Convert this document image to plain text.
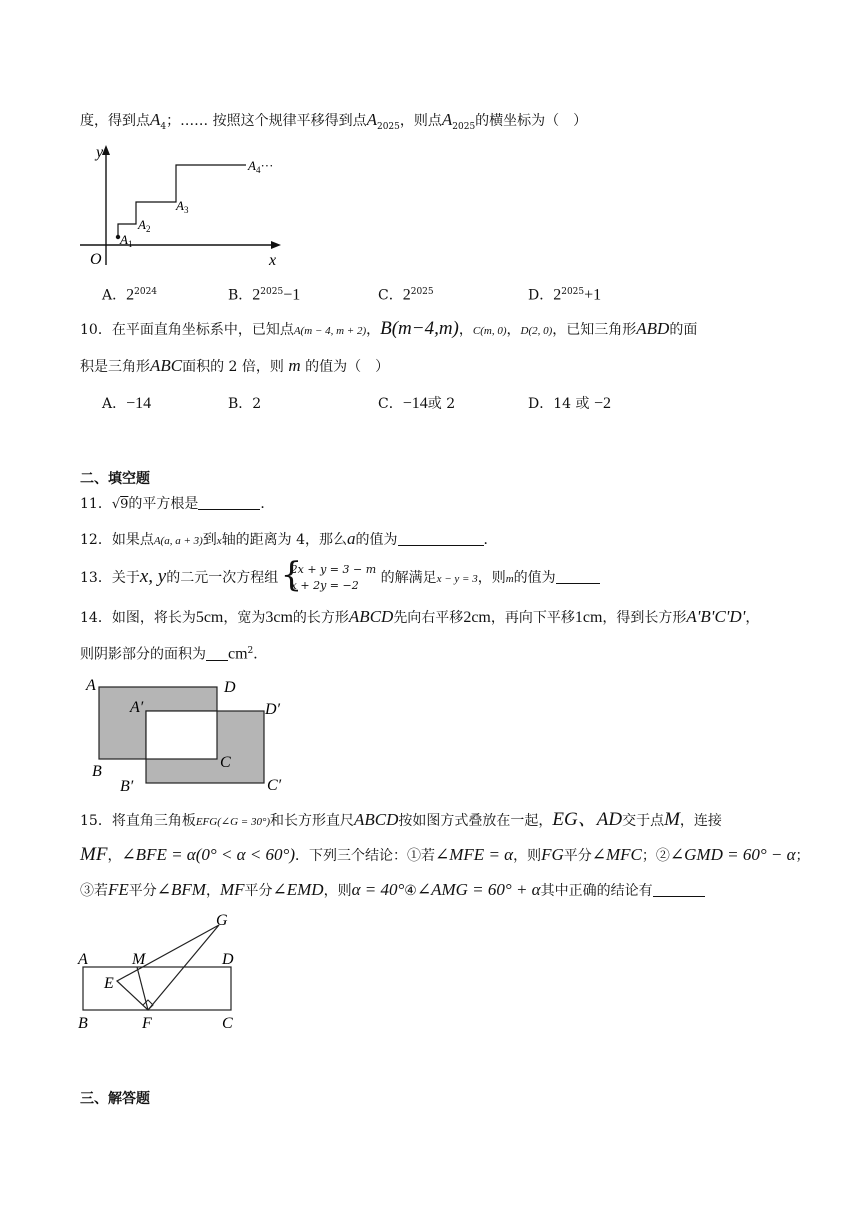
度，得到点$A_4$；…… 按照这个规律平移得到点$A_{2025}$，则点$A_{2025}$的横坐标为（　）
y
x
O
$A_1$
$A_2$
$A_3$
$A_4\cdot\cdot\cdot$
A．$2^{2024}$	B．$2^{2025}-1$	C．$2^{2025}$	D．$2^{2025}+1$
10．在平面直角坐标系中，已知点A(m − 4, m + 2)，B(m−4,m)，C(m, 0)，D(2, 0)，已知三角形ABD的面
积是三角形ABC面积的 2 倍，则 m 的值为（　）
A．−14	B．2	C．−14或 2	D．14 或 −2
二、填空题
11．√9的平方根是	．
12．如果点A(a, a + 3)到x轴的距离为 4，那么a的值为	．
13．关于x, y的二元一次方程组
{ 2x + y = 3 − m
x + 2y = −2	的解满足x − y = 3，则m的值为
14．如图，将长为5cm，宽为3cm的长方形ABCD先向右平移2cm，再向下平移1cm，得到长方形A'B'C'D'，
则阴影部分的面积为 $cm^2$．
A	D
B
C
A′	D′
B′	C′
15．将直角三角板EFG(∠G = 30°)和长方形直尺ABCD按如图方式叠放在一起，EG、AD交于点M，连接
MF，∠BFE = α(0° < α < 60°)．下列三个结论：①若∠MFE = α，则FG平分∠MFC；②∠GMD = 60° − α；
③若FE平分∠BFM，MF平分∠EMD，则α = 40°④∠AMG = 60° + α其中正确的结论有
G
A	M	D
E
B	F	C
三、解答题
